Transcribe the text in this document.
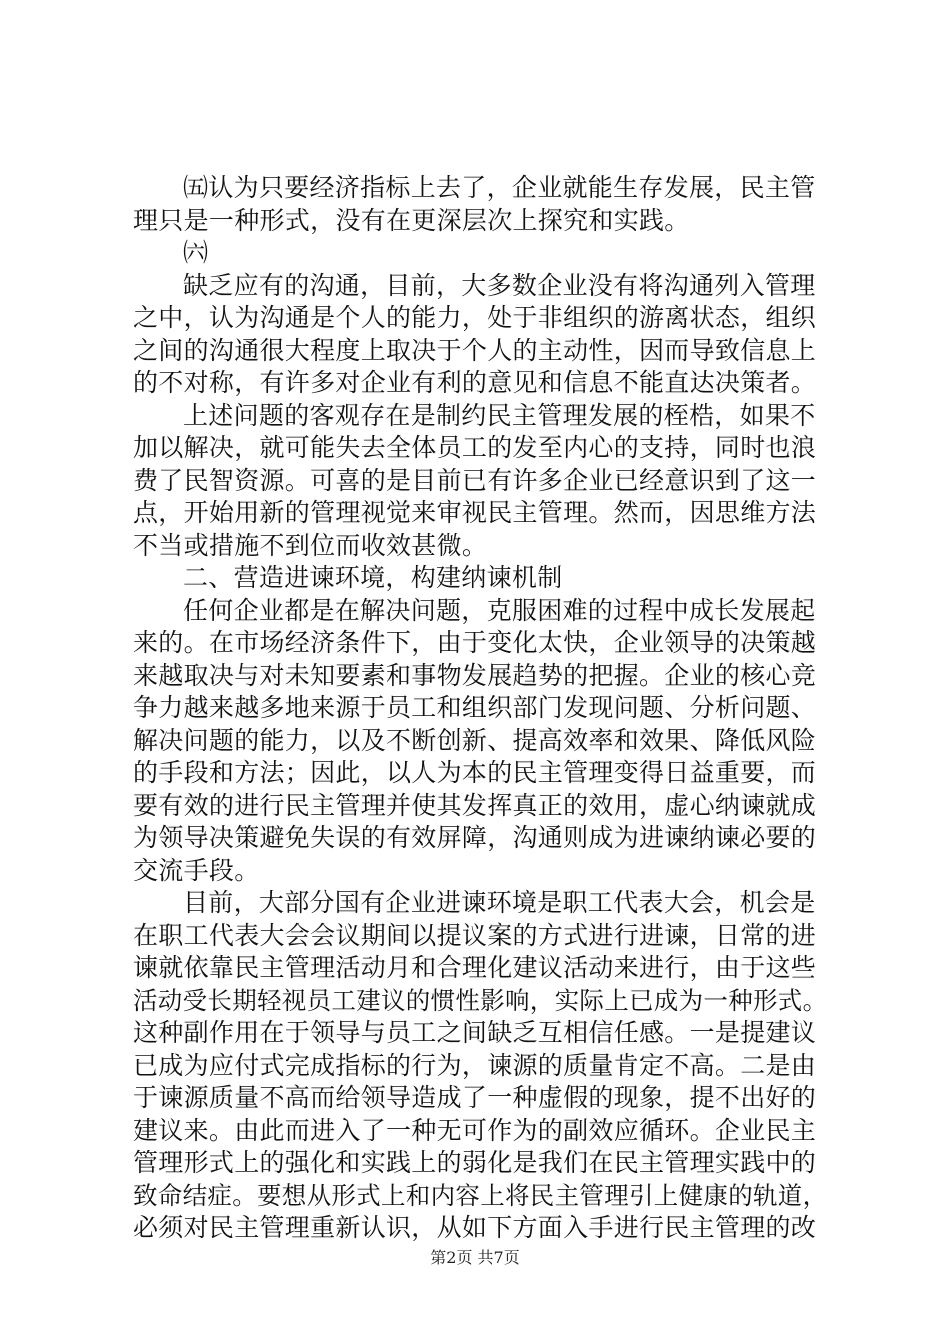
㈤认为只要经济指标上去了，企业就能生存发展，民主管
理只是一种形式，没有在更深层次上探究和实践。
㈥
缺乏应有的沟通，目前，大多数企业没有将沟通列入管理
之中，认为沟通是个人的能力，处于非组织的游离状态，组织
之间的沟通很大程度上取决于个人的主动性，因而导致信息上
的不对称，有许多对企业有利的意见和信息不能直达决策者。
上述问题的客观存在是制约民主管理发展的桎梏，如果不
加以解决，就可能失去全体员工的发至内心的支持，同时也浪
费了民智资源。可喜的是目前已有许多企业已经意识到了这一
点，开始用新的管理视觉来审视民主管理。然而，因思维方法
不当或措施不到位而收效甚微。
二、营造进谏环境，构建纳谏机制
任何企业都是在解决问题，克服困难的过程中成长发展起
来的。在市场经济条件下，由于变化太快，企业领导的决策越
来越取决与对未知要素和事物发展趋势的把握。企业的核心竞
争力越来越多地来源于员工和组织部门发现问题、分析问题、
解决问题的能力，以及不断创新、提高效率和效果、降低风险
的手段和方法；因此，以人为本的民主管理变得日益重要，而
要有效的进行民主管理并使其发挥真正的效用，虚心纳谏就成
为领导决策避免失误的有效屏障，沟通则成为进谏纳谏必要的
交流手段。
目前，大部分国有企业进谏环境是职工代表大会，机会是
在职工代表大会会议期间以提议案的方式进行进谏，日常的进
谏就依靠民主管理活动月和合理化建议活动来进行，由于这些
活动受长期轻视员工建议的惯性影响，实际上已成为一种形式。
这种副作用在于领导与员工之间缺乏互相信任感。一是提建议
已成为应付式完成指标的行为，谏源的质量肯定不高。二是由
于谏源质量不高而给领导造成了一种虚假的现象，提不出好的
建议来。由此而进入了一种无可作为的副效应循环。企业民主
管理形式上的强化和实践上的弱化是我们在民主管理实践中的
致命结症。要想从形式上和内容上将民主管理引上健康的轨道，
必须对民主管理重新认识，从如下方面入手进行民主管理的改
第2页 共7页
